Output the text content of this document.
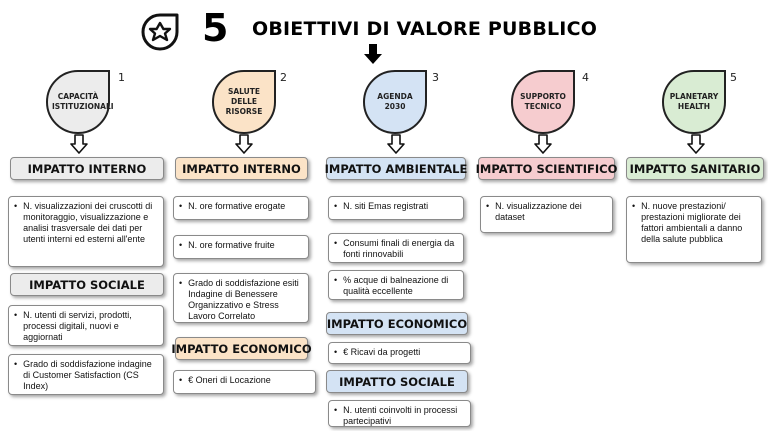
5 OBIETTIVI DI VALORE PUBBLICO
CAPACITÀ ISTITUZIONALI
1
SALUTE DELLE RISORSE
2
AGENDA 2030
3
SUPPORTO TECNICO
4
PLANETARY HEALTH
5
IMPATTO INTERNO
• N. visualizzazioni dei cruscotti di monitoraggio, visualizzazione e analisi trasversale dei dati per utenti interni ed esterni all'ente
IMPATTO SOCIALE
• N. utenti di servizi, prodotti, processi digitali, nuovi e aggiornati
• Grado di soddisfazione indagine di Customer Satisfaction (CS Index)
IMPATTO INTERNO
• N. ore formative erogate
• N. ore formative fruite
• Grado di soddisfazione esiti Indagine di Benessere Organizzativo e Stress Lavoro Correlato
IMPATTO ECONOMICO
• € Oneri di Locazione
IMPATTO AMBIENTALE
• N. siti Emas registrati
• Consumi finali di energia da fonti rinnovabili
• % acque di balneazione di qualità eccellente
IMPATTO ECONOMICO
• € Ricavi da progetti
IMPATTO SOCIALE
• N. utenti coinvolti in processi partecipativi
IMPATTO SCIENTIFICO
• N. visualizzazione dei dataset
IMPATTO SANITARIO
• N. nuove prestazioni/ prestazioni migliorate dei fattori ambientali a danno della salute pubblica
